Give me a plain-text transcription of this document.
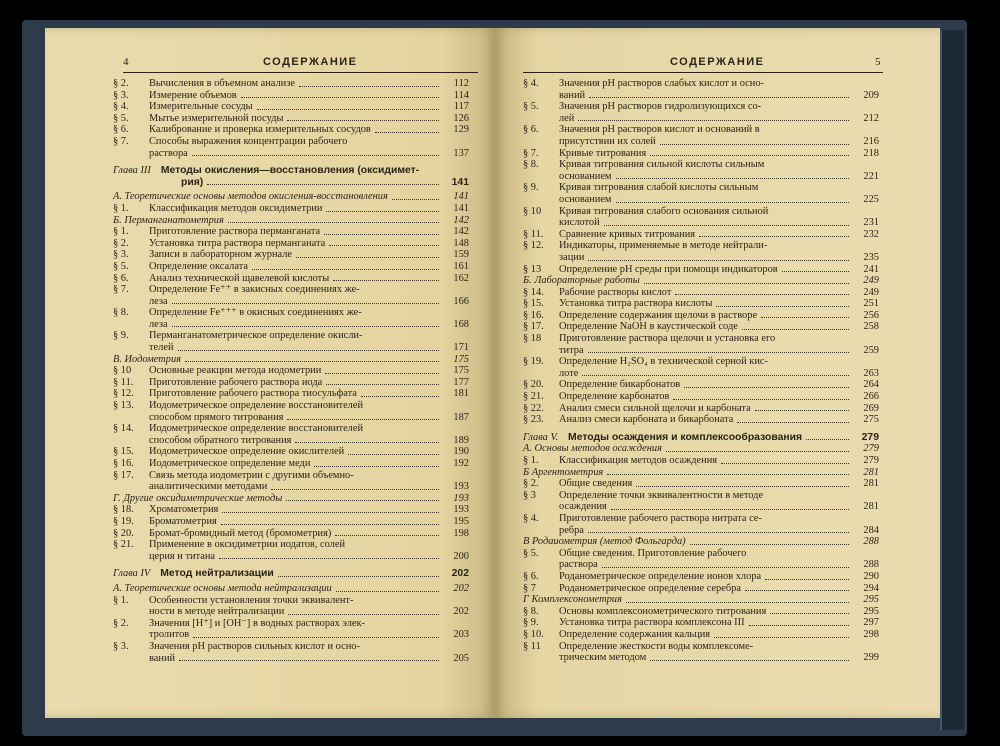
4	СОДЕРЖАНИЕ
§ 2.	Вычисления в объемном анализе	112
§ 3.	Измерение объемов	114
§ 4.	Измерительные сосуды	117
§ 5.	Мытье измерительной посуды	126
§ 6.	Калибрование и проверка измерительных сосудов	129
§ 7.	Способы выражения концентрации рабочего
раствора	137
Глава III Методы окисления—восстановления (оксидимет-
рия)	141
А. Теоретические основы методов окисления-восстановления	141
§ 1.	Классификация методов оксидиметрии	141
Б. Перманганатометрия	142
§ 1.	Приготовление раствора перманганата	142
§ 2.	Установка титра раствора перманганата	148
§ 3.	Записи в лабораторном журнале	159
§ 5.	Определение оксалата	161
§ 6.	Анализ технической щавелевой кислоты	162
§ 7.	Определение Fe⁺⁺ в закисных соединениях же-
леза	166
§ 8.	Определение Fe⁺⁺⁺ в окисных соединениях же-
леза	168
§ 9.	Перманганатометрическое определение окисли-
телей	171
В. Иодометрия	175
§ 10	Основные реакции метода иодометрии	175
§ 11.	Приготовление рабочего раствора иода	177
§ 12.	Приготовление рабочего раствора тиосульфата	181
§ 13.	Иодометрическое определение восстановителей
способом прямого титрования	187
§ 14.	Иодометрическое определение восстановителей
способом обратного титрования	189
§ 15.	Иодометрическое определение окислителей	190
§ 16.	Иодометрическое определение меди	192
§ 17.	Связь метода иодометрии с другими объемно-
аналитическими методами	193
Г. Другие оксидиметрические методы	193
§ 18.	Хроматометрия	193
§ 19.	Броматометрия	195
§ 20.	Бромат-бромидный метод (бромометрия)	198
§ 21.	Применение в оксидиметрии иодатов, солей
церия и титана	200
Глава IV Метод нейтрализации	202
А. Теоретические основы метода нейтрализации	202
§ 1.	Особенности установления точки эквивалент-
ности в методе нейтрализации	202
§ 2.	Значения [H⁺] и [OH⁻] в водных растворах элек-
тролитов	203
§ 3.	Значения pH растворов сильных кислот и осно-
ваний	205
СОДЕРЖАНИЕ	5
§ 4.	Значения pH растворов слабых кислот и осно-
ваний	209
§ 5.	Значения pH растворов гидролизующихся со-
лей	212
§ 6.	Значения pH растворов кислот и оснований в
присутствии их солей	216
§ 7.	Кривые титрования	218
§ 8.	Кривая титрования сильной кислоты сильным
основанием	221
§ 9.	Кривая титрования слабой кислоты сильным
основанием	225
§ 10	Кривая титрования слабого основания сильной
кислотой	231
§ 11.	Сравнение кривых титрования	232
§ 12.	Индикаторы, применяемые в методе нейтрали-
зации	235
§ 13	Определение pH среды при помощи индикаторов	241
Б. Лабораторные работы	249
§ 14.	Рабочие растворы кислот	249
§ 15.	Установка титра раствора кислоты	251
§ 16.	Определение содержания щелочи в растворе	256
§ 17.	Определение NaOH в каустической соде	258
§ 18	Приготовление раствора щелочи и установка его
титра	259
§ 19.	Определение H₂SO₄ в технической серной кис-
лоте	263
§ 20.	Определение бикарбонатов	264
§ 21.	Определение карбонатов	266
§ 22.	Анализ смеси сильной щелочи и карбоната	269
§ 23.	Анализ смеси карбоната и бикарбоната	275
Глава V. Методы осаждения и комплексообразования	279
А. Основы методов осаждения	279
§ 1.	Классификация методов осаждения	279
Б Аргентометрия	281
§ 2.	Общие сведения	281
§ 3	Определение точки эквивалентности в методе
осаждения	281
§ 4.	Приготовление рабочего раствора нитрата се-
ребра	284
В Родаиометрия (метод Фольгарда)	288
§ 5.	Общие сведения. Приготовление рабочего
раствора	288
§ 6.	Роданометрическое определение ионов хлора	290
§ 7	Роданометрическое определение серебра	294
Г Комплексонометрия	295
§ 8.	Основы комплексонометрического титрования	295
§ 9.	Установка титра раствора комплексона III	297
§ 10.	Определение содержания кальция	298
§ 11	Определение жесткости воды комплексоме-
трическим методом	299
